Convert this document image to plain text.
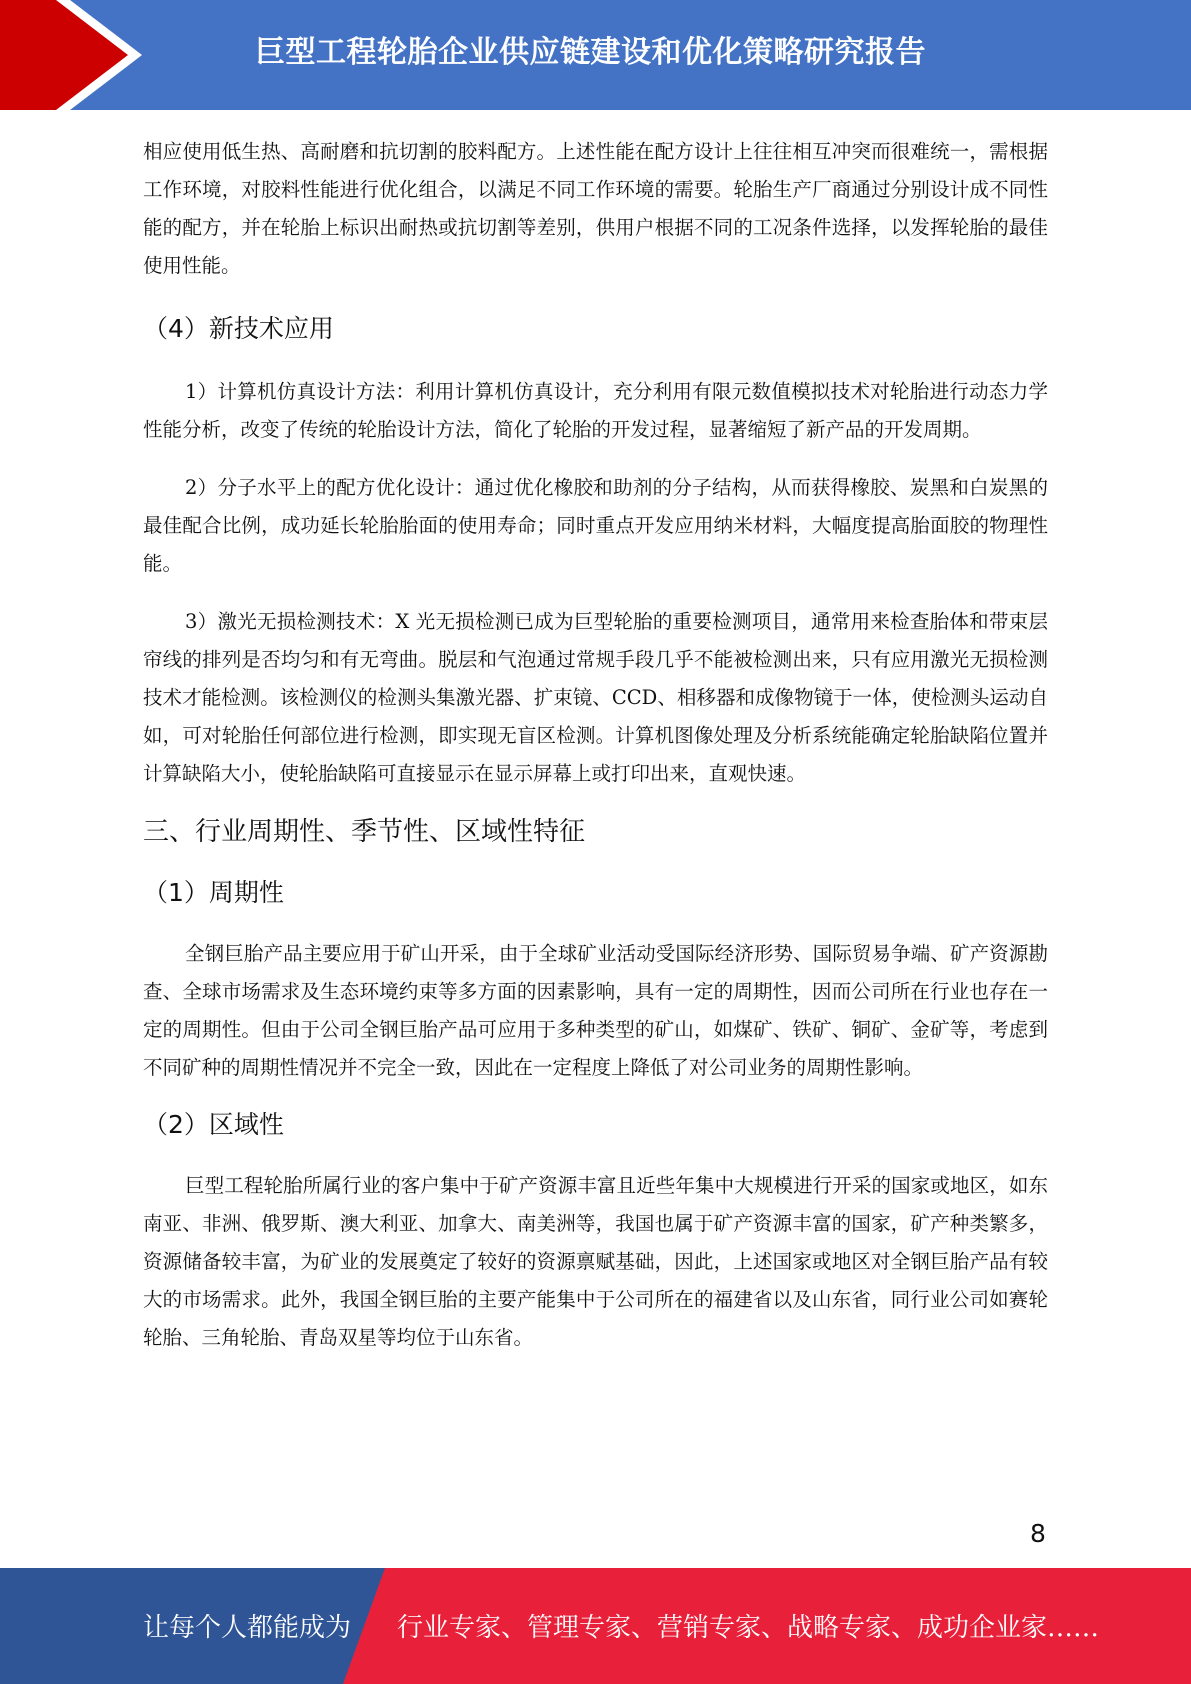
巨型工程轮胎企业供应链建设和优化策略研究报告

相应使用低生热、高耐磨和抗切割的胶料配方。上述性能在配方设计上往往相互冲突而很难统一，需根据工作环境，对胶料性能进行优化组合，以满足不同工作环境的需要。轮胎生产厂商通过分别设计成不同性能的配方，并在轮胎上标识出耐热或抗切割等差别，供用户根据不同的工况条件选择，以发挥轮胎的最佳使用性能。

（4）新技术应用

1）计算机仿真设计方法：利用计算机仿真设计，充分利用有限元数值模拟技术对轮胎进行动态力学性能分析，改变了传统的轮胎设计方法，简化了轮胎的开发过程，显著缩短了新产品的开发周期。

2）分子水平上的配方优化设计：通过优化橡胶和助剂的分子结构，从而获得橡胶、炭黑和白炭黑的最佳配合比例，成功延长轮胎胎面的使用寿命；同时重点开发应用纳米材料，大幅度提高胎面胶的物理性能。

3）激光无损检测技术：X 光无损检测已成为巨型轮胎的重要检测项目，通常用来检查胎体和带束层帘线的排列是否均匀和有无弯曲。脱层和气泡通过常规手段几乎不能被检测出来，只有应用激光无损检测技术才能检测。该检测仪的检测头集激光器、扩束镜、CCD、相移器和成像物镜于一体，使检测头运动自如，可对轮胎任何部位进行检测，即实现无盲区检测。计算机图像处理及分析系统能确定轮胎缺陷位置并计算缺陷大小，使轮胎缺陷可直接显示在显示屏幕上或打印出来，直观快速。

三、行业周期性、季节性、区域性特征
（1）周期性

全钢巨胎产品主要应用于矿山开采，由于全球矿业活动受国际经济形势、国际贸易争端、矿产资源勘查、全球市场需求及生态环境约束等多方面的因素影响，具有一定的周期性，因而公司所在行业也存在一定的周期性。但由于公司全钢巨胎产品可应用于多种类型的矿山，如煤矿、铁矿、铜矿、金矿等，考虑到不同矿种的周期性情况并不完全一致，因此在一定程度上降低了对公司业务的周期性影响。

（2）区域性

巨型工程轮胎所属行业的客户集中于矿产资源丰富且近些年集中大规模进行开采的国家或地区，如东南亚、非洲、俄罗斯、澳大利亚、加拿大、南美洲等，我国也属于矿产资源丰富的国家，矿产种类繁多，资源储备较丰富，为矿业的发展奠定了较好的资源禀赋基础，因此，上述国家或地区对全钢巨胎产品有较大的市场需求。此外，我国全钢巨胎的主要产能集中于公司所在的福建省以及山东省，同行业公司如赛轮轮胎、三角轮胎、青岛双星等均位于山东省。

8
让每个人都能成为 行业专家、管理专家、营销专家、战略专家、成功企业家……
